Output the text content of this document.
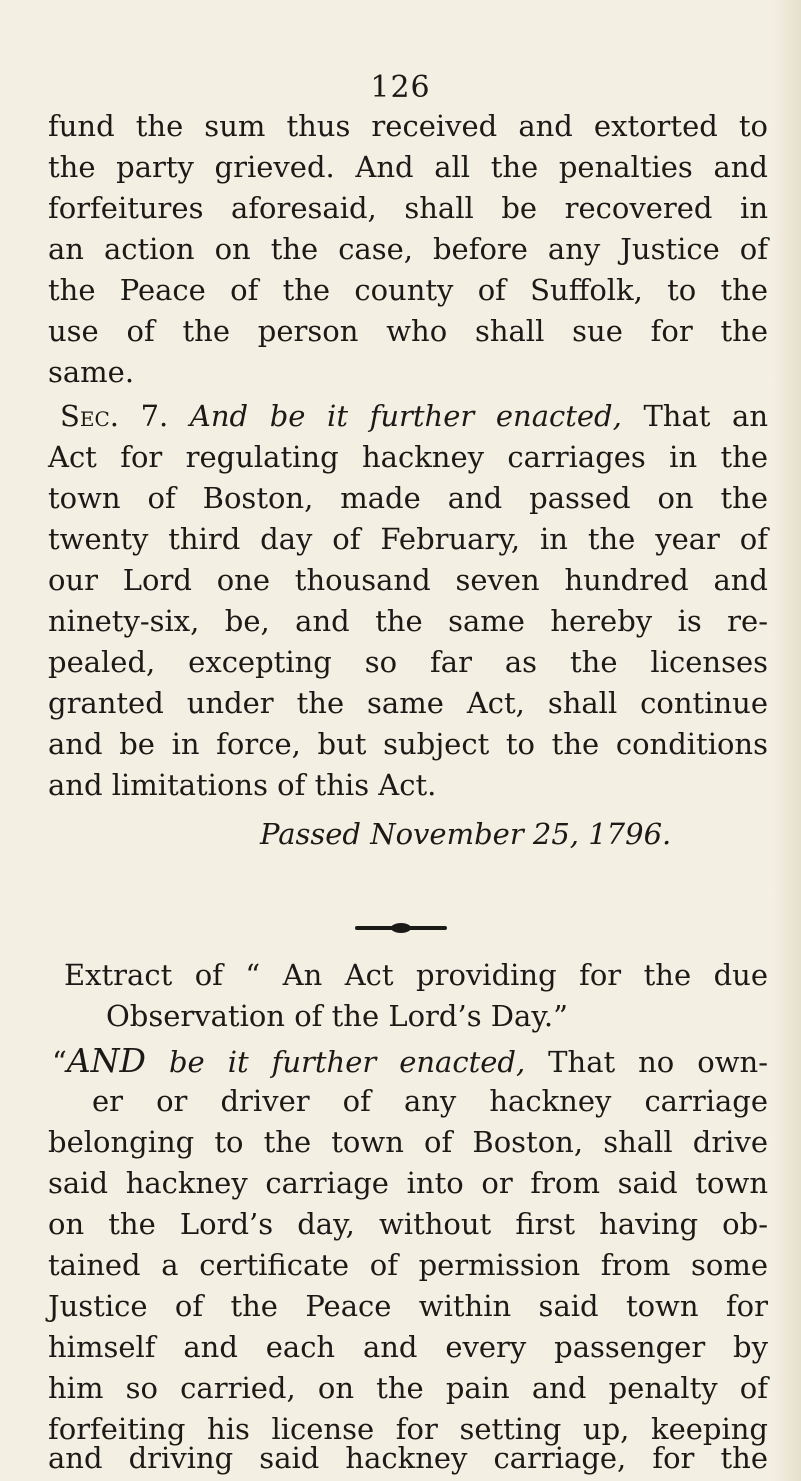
126
fund the sum thus received and extorted to
the party grieved. And all the penalties and
forfeitures aforesaid, shall be recovered in
an action on the case, before any Justice of
the Peace of the county of Suffolk, to the
use of the person who shall sue for the
same.
Sec. 7. And be it further enacted, That an
Act for regulating hackney carriages in the
town of Boston, made and passed on the
twenty third day of February, in the year of
our Lord one thousand seven hundred and
ninety-six, be, and the same hereby is re-
pealed, excepting so far as the licenses
granted under the same Act, shall continue
and be in force, but subject to the conditions
and limitations of this Act.
Passed November 25, 1796.
Extract of “ An Act providing for the due
Observation of the Lord’s Day.”
“AND be it further enacted, That no own-
er or driver of any hackney carriage
belonging to the town of Boston, shall drive
said hackney carriage into or from said town
on the Lord’s day, without first having ob-
tained a certificate of permission from some
Justice of the Peace within said town for
himself and each and every passenger by
him so carried, on the pain and penalty of
forfeiting his license for setting up, keeping
and driving said hackney carriage, for the
